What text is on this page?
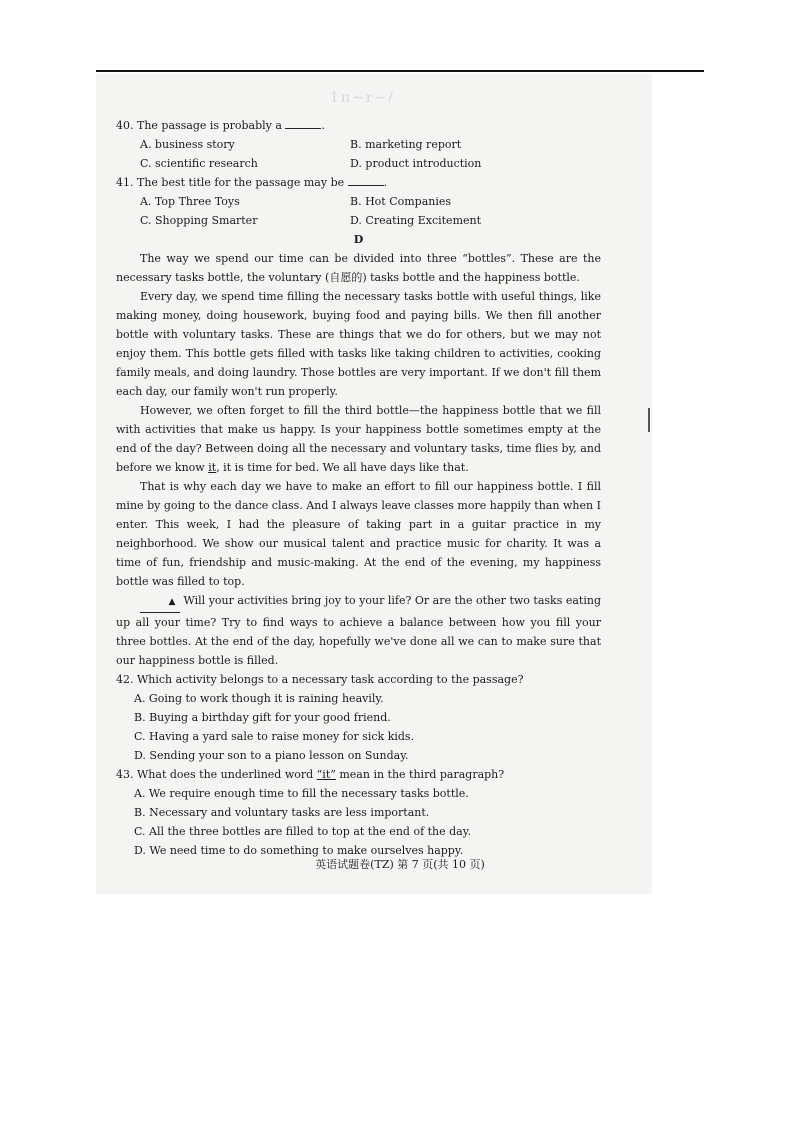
1π~r∼/

40. The passage is probably a	.

A. business story	B. marketing report
C. scientific research	D. product introduction

41. The best title for the passage may be	.

A. Top Three Toys	B. Hot Companies
C. Shopping Smarter	D. Creating Excitement

D

The way we spend our time can be divided into three “bottles”. These are the necessary tasks bottle, the voluntary (自愿的) tasks bottle and the happiness bottle.

Every day, we spend time filling the necessary tasks bottle with useful things, like making money, doing housework, buying food and paying bills. We then fill another bottle with voluntary tasks. These are things that we do for others, but we may not enjoy them. This bottle gets filled with tasks like taking children to activities, cooking family meals, and doing laundry. Those bottles are very important. If we don't fill them each day, our family won't run properly.

However, we often forget to fill the third bottle—the happiness bottle that we fill with activities that make us happy. Is your happiness bottle sometimes empty at the end of the day? Between doing all the necessary and voluntary tasks, time flies by, and before we know it, it is time for bed. We all have days like that.

That is why each day we have to make an effort to fill our happiness bottle. I fill mine by going to the dance class. And I always leave classes more happily than when I enter. This week, I had the pleasure of taking part in a guitar practice in my neighborhood. We show our musical talent and practice music for charity. It was a time of fun, friendship and music-making. At the end of the evening, my happiness bottle was filled to top.

▲ Will your activities bring joy to your life? Or are the other two tasks eating up all your time? Try to find ways to achieve a balance between how you fill your three bottles. At the end of the day, hopefully we've done all we can to make sure that our happiness bottle is filled.

42. Which activity belongs to a necessary task according to the passage?

A. Going to work though it is raining heavily.
B. Buying a birthday gift for your good friend.
C. Having a yard sale to raise money for sick kids.
D. Sending your son to a piano lesson on Sunday.

43. What does the underlined word “it” mean in the third paragraph?

A. We require enough time to fill the necessary tasks bottle.
B. Necessary and voluntary tasks are less important.
C. All the three bottles are filled to top at the end of the day.
D. We need time to do something to make ourselves happy.
英语试题卷(TZ) 第 7 页(共 10 页)
